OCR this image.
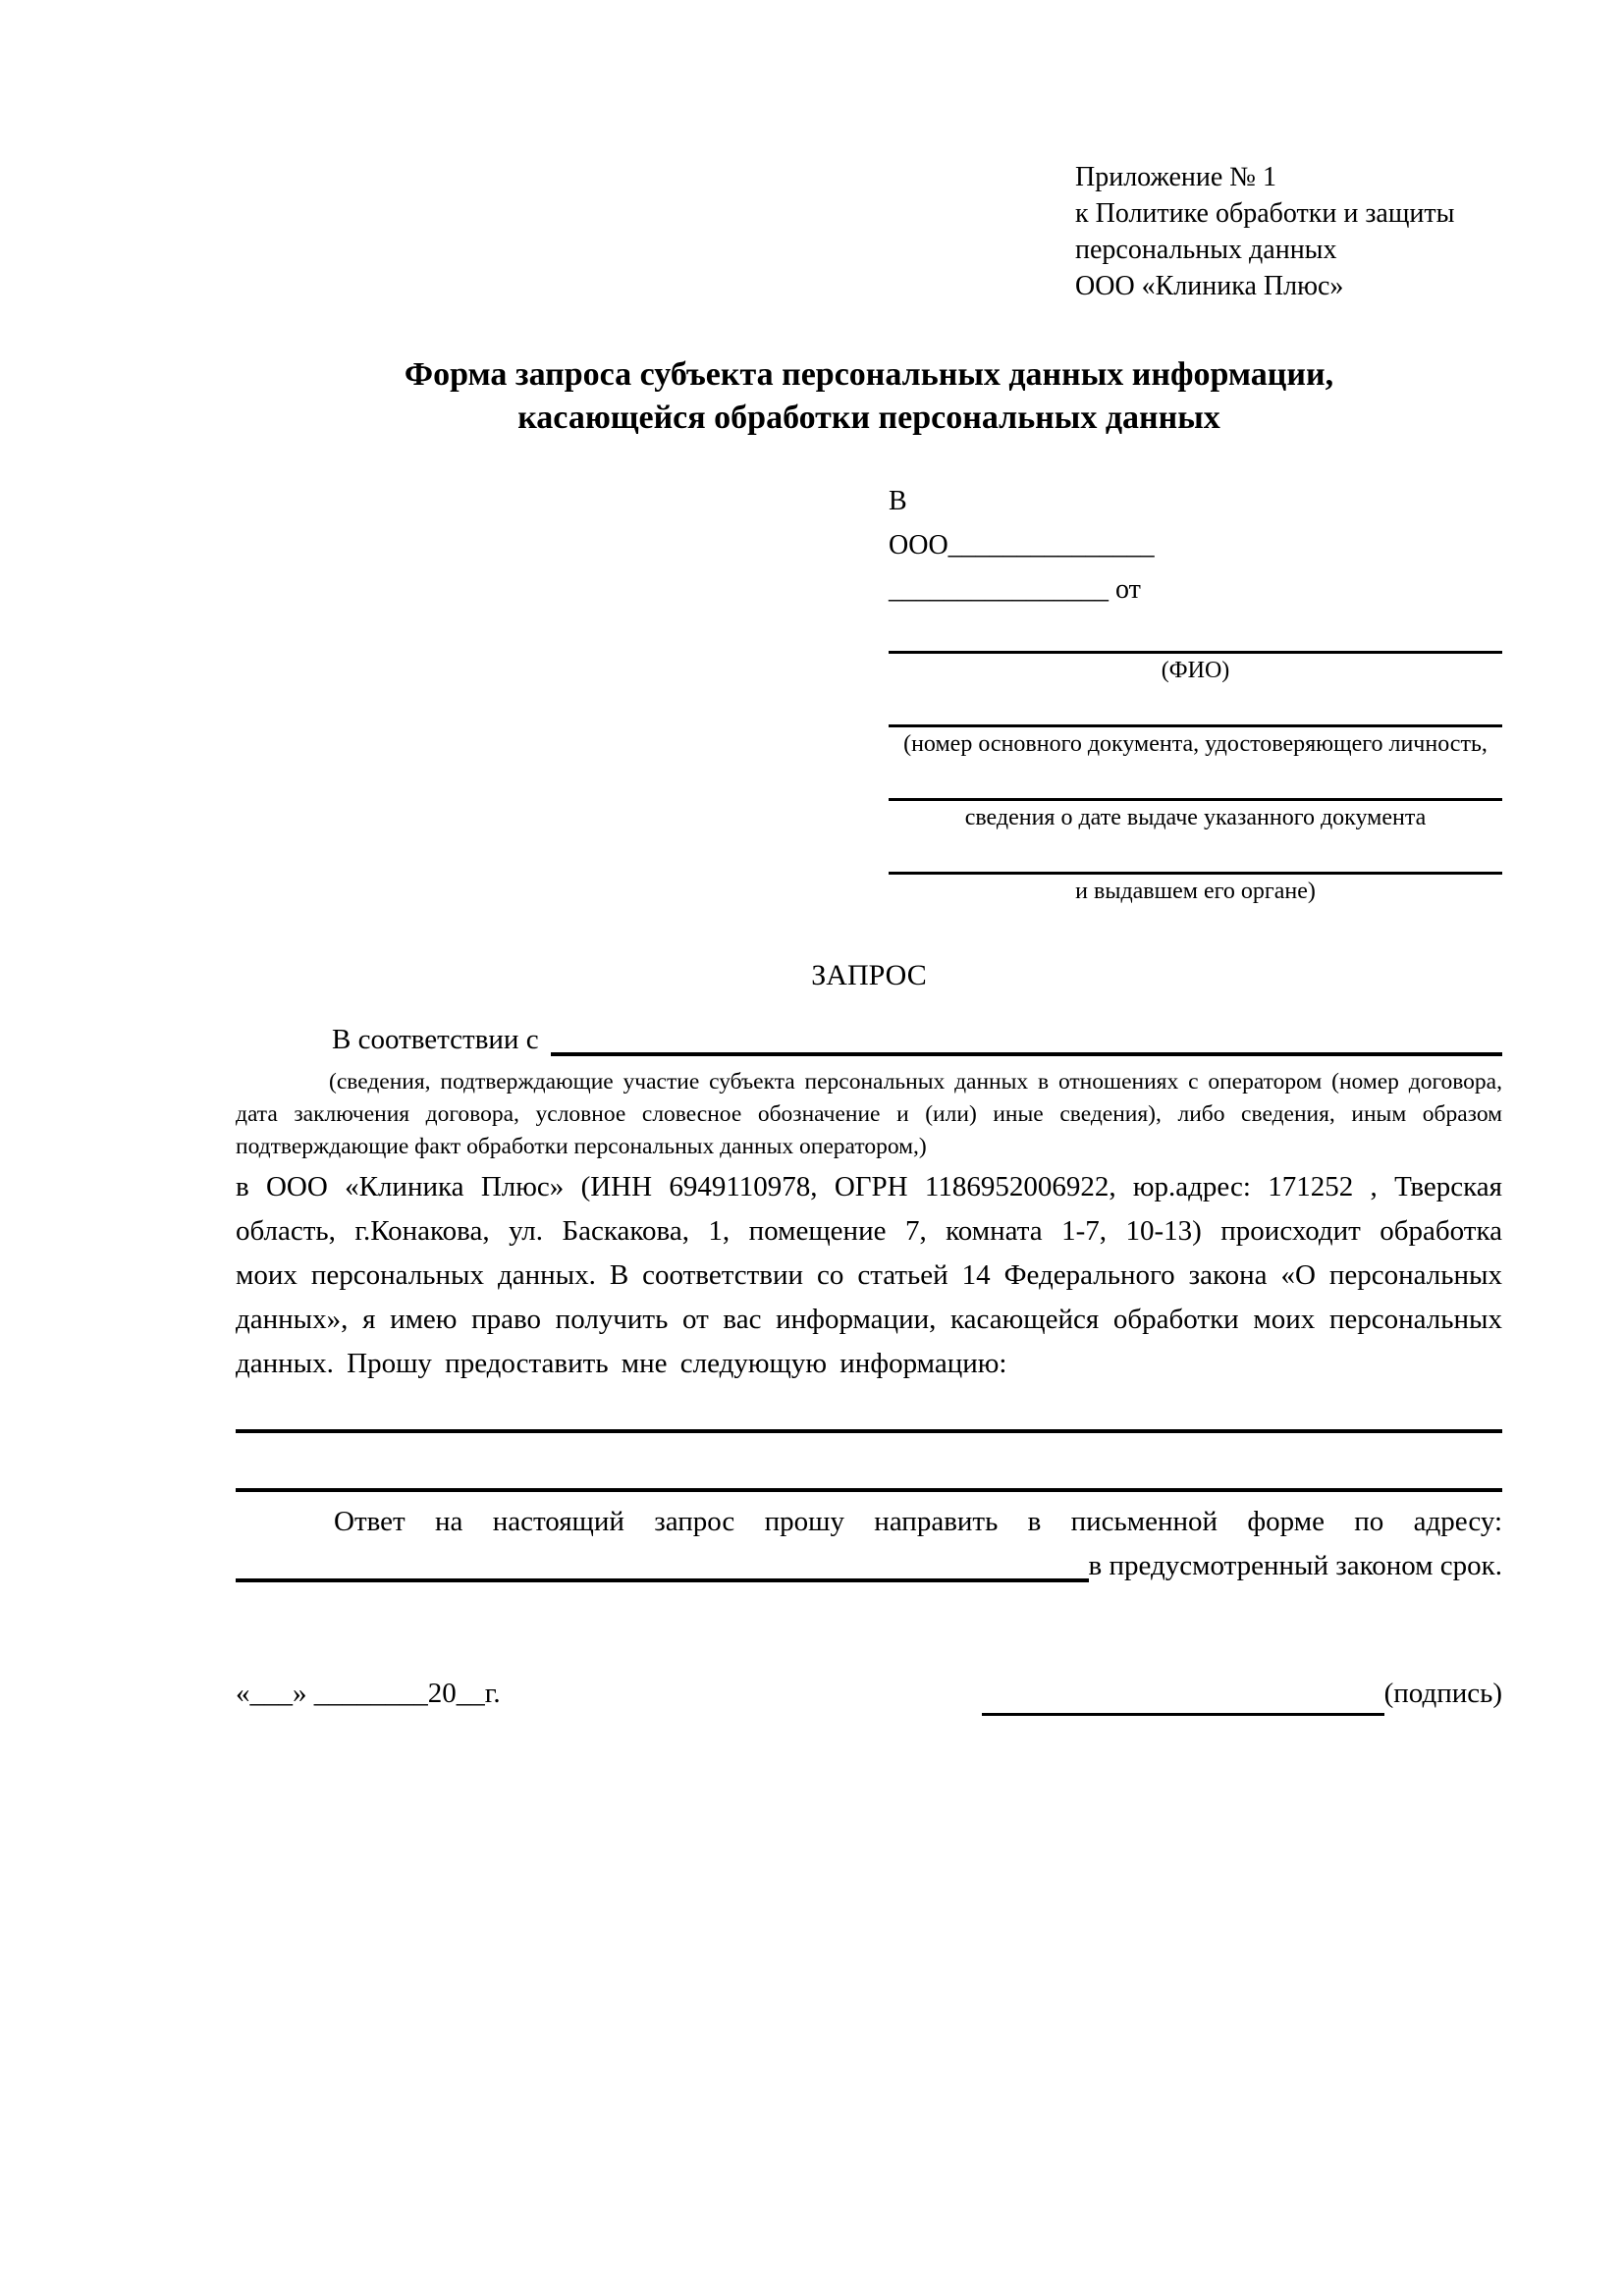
Приложение № 1
к Политике обработки и защиты
персональных данных
ООО «Клиника Плюс»
Форма запроса субъекта персональных данных информации,
касающейся обработки персональных данных
В
ООО_______________
________________ от
(ФИО)
(номер основного документа, удостоверяющего личность,
сведения о дате выдаче указанного документа
и выдавшем его органе)
ЗАПРОС
В соответствии с

(сведения, подтверждающие участие субъекта персональных данных в отношениях с оператором (номер договора, дата заключения договора, условное словесное обозначение и (или) иные сведения), либо сведения, иным образом подтверждающие факт обработки персональных данных оператором,)

в ООО «Клиника Плюс» (ИНН 6949110978, ОГРН 1186952006922, юр.адрес: 171252 , Тверская область, г.Конакова, ул. Баскакова, 1, помещение 7, комната 1-7, 10-13) происходит обработка моих персональных данных. В соответствии со статьей 14 Федерального закона «О персональных данных», я имею право получить от вас информации, касающейся обработки моих персональных данных. Прошу предоставить мне следующую информацию:

Ответ на настоящий запрос прошу направить в письменной форме по адресу:

в предусмотренный законом срок.
«___» ________20__г.	(подпись)
